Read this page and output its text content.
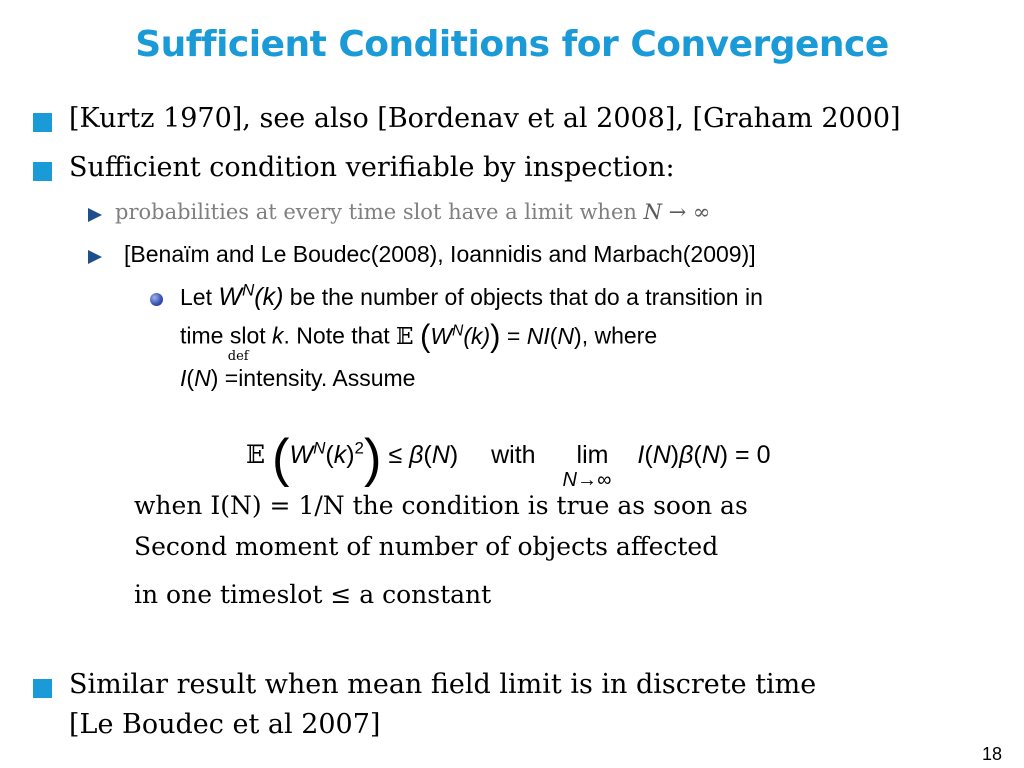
Sufficient Conditions for Convergence
[Kurtz 1970], see also [Bordenav et al 2008], [Graham 2000]
Sufficient condition verifiable by inspection:
probabilities at every time slot have a limit when N → ∞
[Benaïm and Le Boudec(2008), Ioannidis and Marbach(2009)]
Let $W^N(k)$ be the number of objects that do a transition in
time slot k. Note that 𝔼 $(W^N(k)) = NI(N)$, where
I(N)
def
=intensity. Assume
𝔼 $(W^N(k)^2) \le \beta(N)$ with lim
N→∞
I(N)β(N) = 0
when I(N) = 1/N the condition is true as soon as
Second moment of number of objects affected
in one timeslot ≤ a constant
Similar result when mean field limit is in discrete time
[Le Boudec et al 2007]
18
